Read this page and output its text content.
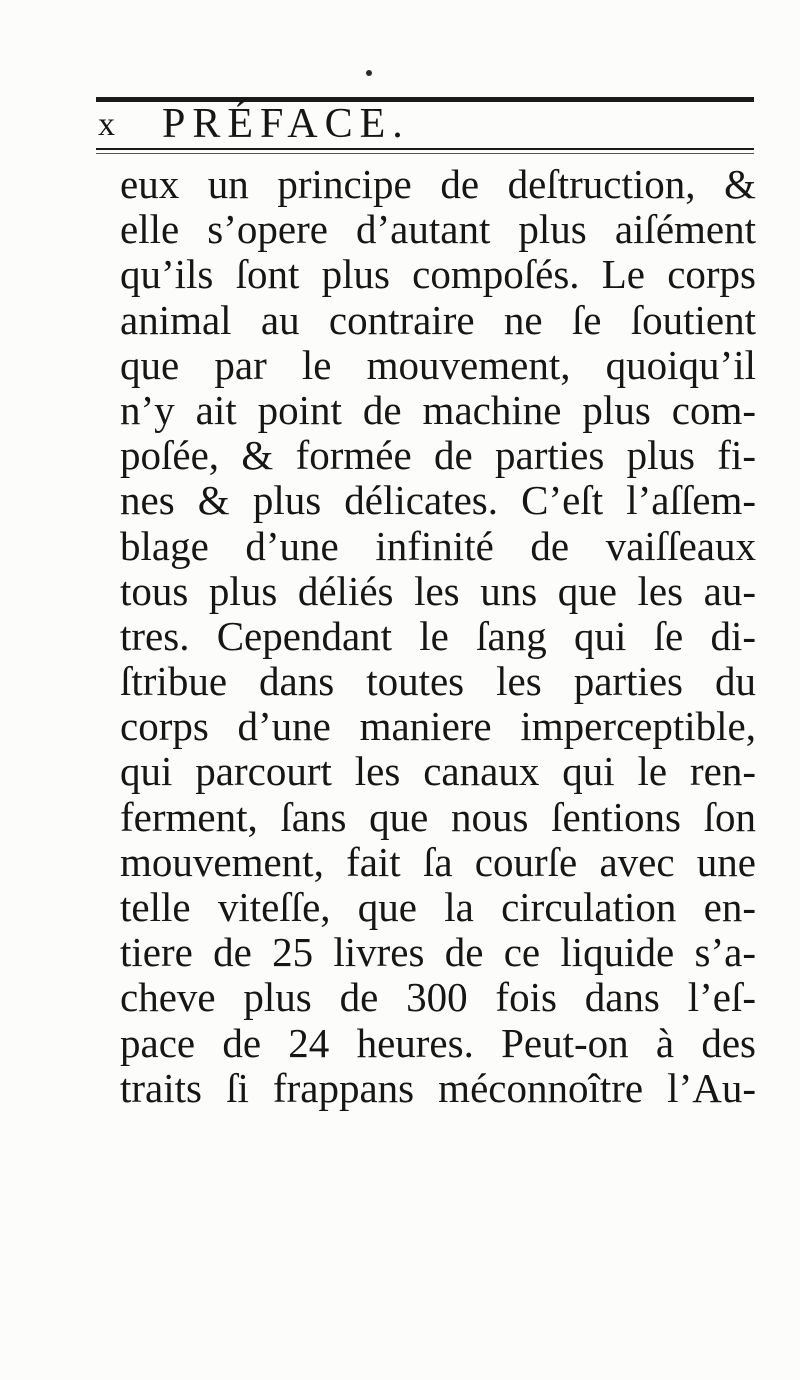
x PRÉFACE.
eux un principe de deſtruction, &
elle s’opere d’autant plus aiſément
qu’ils ſont plus compoſés. Le corps
animal au contraire ne ſe ſoutient
que par le mouvement, quoiqu’il
n’y ait point de machine plus com-
poſée, & formée de parties plus fi-
nes & plus délicates. C’eſt l’aſſem-
blage d’une infinité de vaiſſeaux
tous plus déliés les uns que les au-
tres. Cependant le ſang qui ſe di-
ſtribue dans toutes les parties du
corps d’une maniere imperceptible,
qui parcourt les canaux qui le ren-
ferment, ſans que nous ſentions ſon
mouvement, fait ſa courſe avec une
telle viteſſe, que la circulation en-
tiere de 25 livres de ce liquide s’a-
cheve plus de 300 fois dans l’eſ-
pace de 24 heures. Peut-on à des
traits ſi frappans méconnoître l’Au-
